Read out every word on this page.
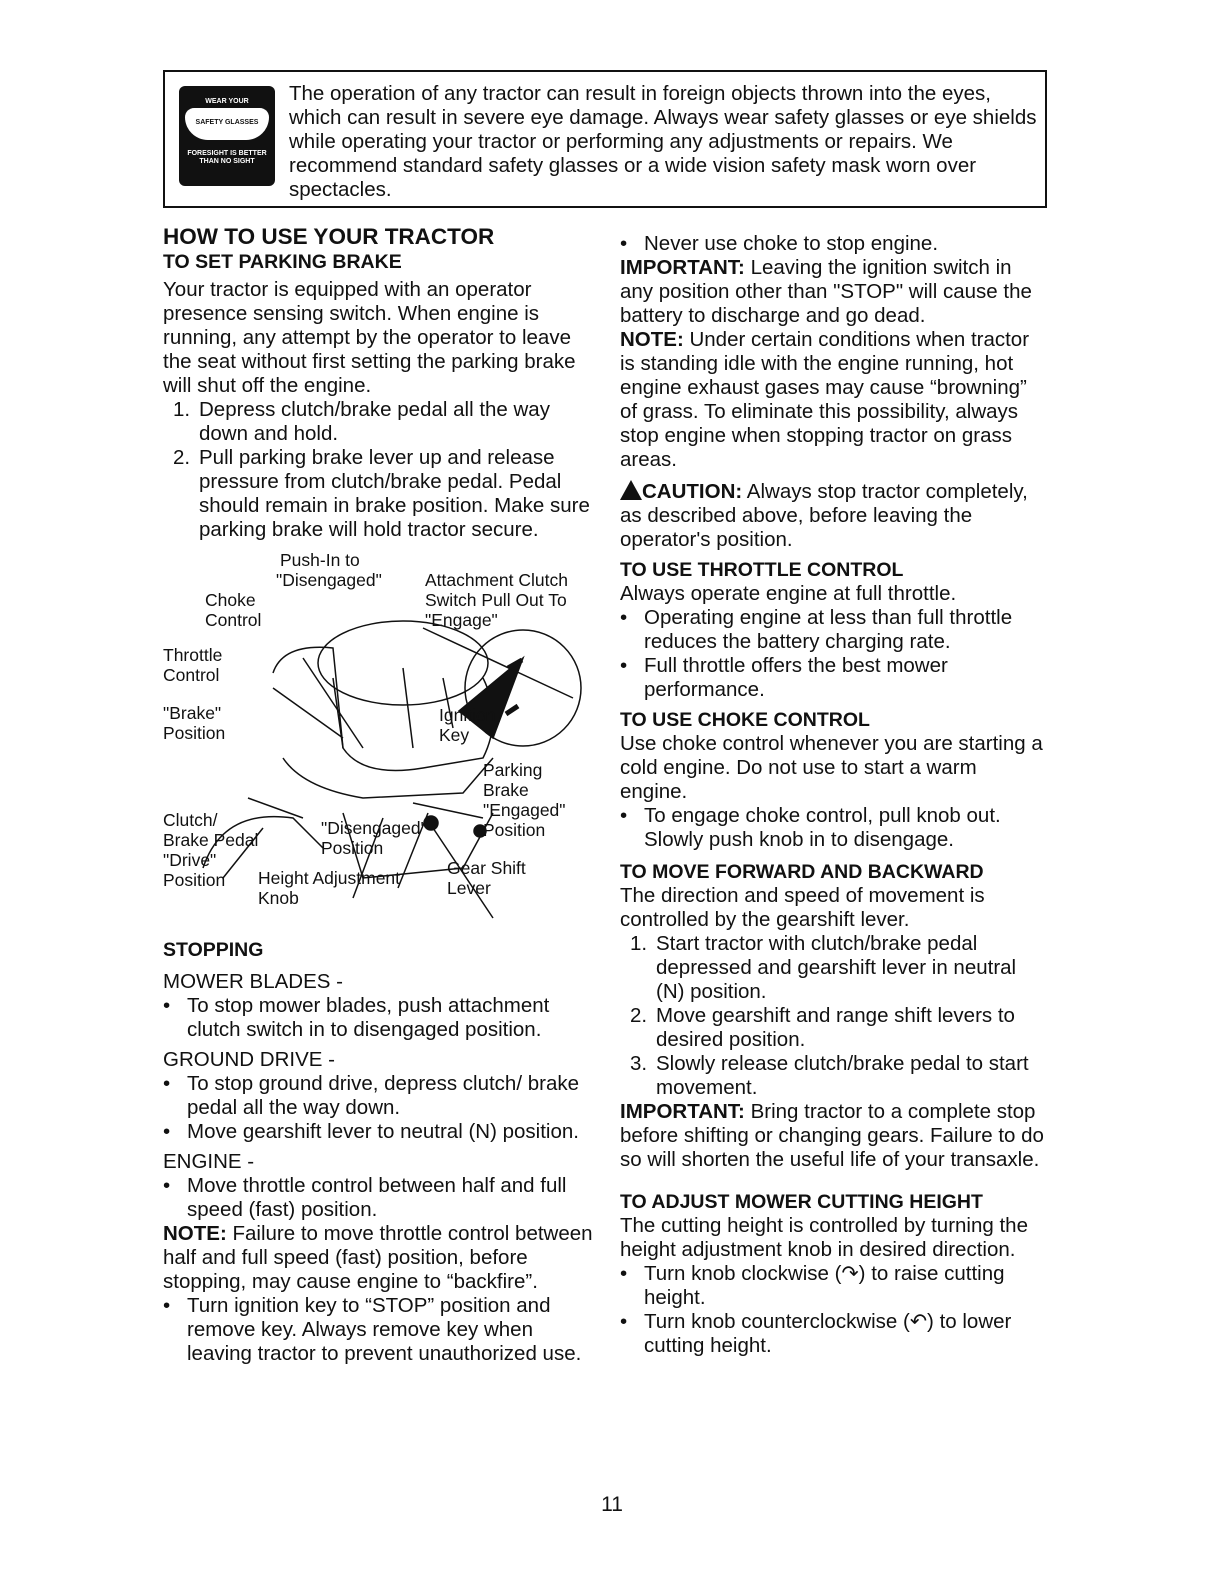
WEAR YOUR
SAFETY GLASSES
FORESIGHT IS BETTER THAN NO SIGHT

The operation of any tractor can result in foreign objects thrown into the eyes, which can result in severe eye damage. Always wear safety glasses or eye shields while operating your tractor or performing any adjustments or repairs. We recommend standard safety glasses or a wide vision safety mask worn over spectacles.

HOW TO USE YOUR TRACTOR
TO SET PARKING BRAKE

Your tractor is equipped with an operator presence sensing switch. When engine is running, any attempt by the operator to leave the seat without first setting the parking brake will shut off the engine.

1. Depress clutch/brake pedal all the way down and hold.
2. Pull parking brake lever up and release pressure from clutch/brake pedal. Pedal should remain in brake position. Make sure parking brake will hold tractor secure.
Push-In to
"Disengaged" Attachment Clutch
Switch Pull Out To
"Engage"
Choke
Control
Throttle
Control
"Brake"
Position
Ignition
Key
Parking
Brake
"Engaged"
Position
Clutch/
Brake Pedal
"Drive"
Position
"Disengaged"
Position
Height Adjustment
Knob
Gear Shift
Lever
STOPPING

MOWER BLADES -

• To stop mower blades, push attachment clutch switch in to disengaged position.

GROUND DRIVE -

• To stop ground drive, depress clutch/ brake pedal all the way down.
• Move gearshift lever to neutral (N) position.

ENGINE -

• Move throttle control between half and full speed (fast) position.

NOTE: Failure to move throttle control between half and full speed (fast) position, before stopping, may cause engine to “backfire”.

• Turn ignition key to “STOP” position and remove key. Always remove key when leaving tractor to prevent unauthorized use.
• Never use choke to stop engine.

IMPORTANT: Leaving the ignition switch in any position other than "STOP" will cause the battery to discharge and go dead.

NOTE: Under certain conditions when tractor is standing idle with the engine running, hot engine exhaust gases may cause “browning” of grass. To eliminate this possibility, always stop engine when stopping tractor on grass areas.

CAUTION: Always stop tractor completely, as described above, before leaving the operator's position.

TO USE THROTTLE CONTROL

Always operate engine at full throttle.

• Operating engine at less than full throttle reduces the battery charging rate.
• Full throttle offers the best mower performance.
TO USE CHOKE CONTROL

Use choke control whenever you are starting a cold engine. Do not use to start a warm engine.

• To engage choke control, pull knob out. Slowly push knob in to disengage.
TO MOVE FORWARD AND BACKWARD

The direction and speed of movement is controlled by the gearshift lever.

1. Start tractor with clutch/brake pedal depressed and gearshift lever in neutral (N) position.
2. Move gearshift and range shift levers to desired position.
3. Slowly release clutch/brake pedal to start movement.

IMPORTANT: Bring tractor to a complete stop before shifting or changing gears. Failure to do so will shorten the useful life of your transaxle.

TO ADJUST MOWER CUTTING HEIGHT

The cutting height is controlled by turning the height adjustment knob in desired direction.

• Turn knob clockwise (↷) to raise cutting height.
• Turn knob counterclockwise (↶) to lower cutting height.
11
